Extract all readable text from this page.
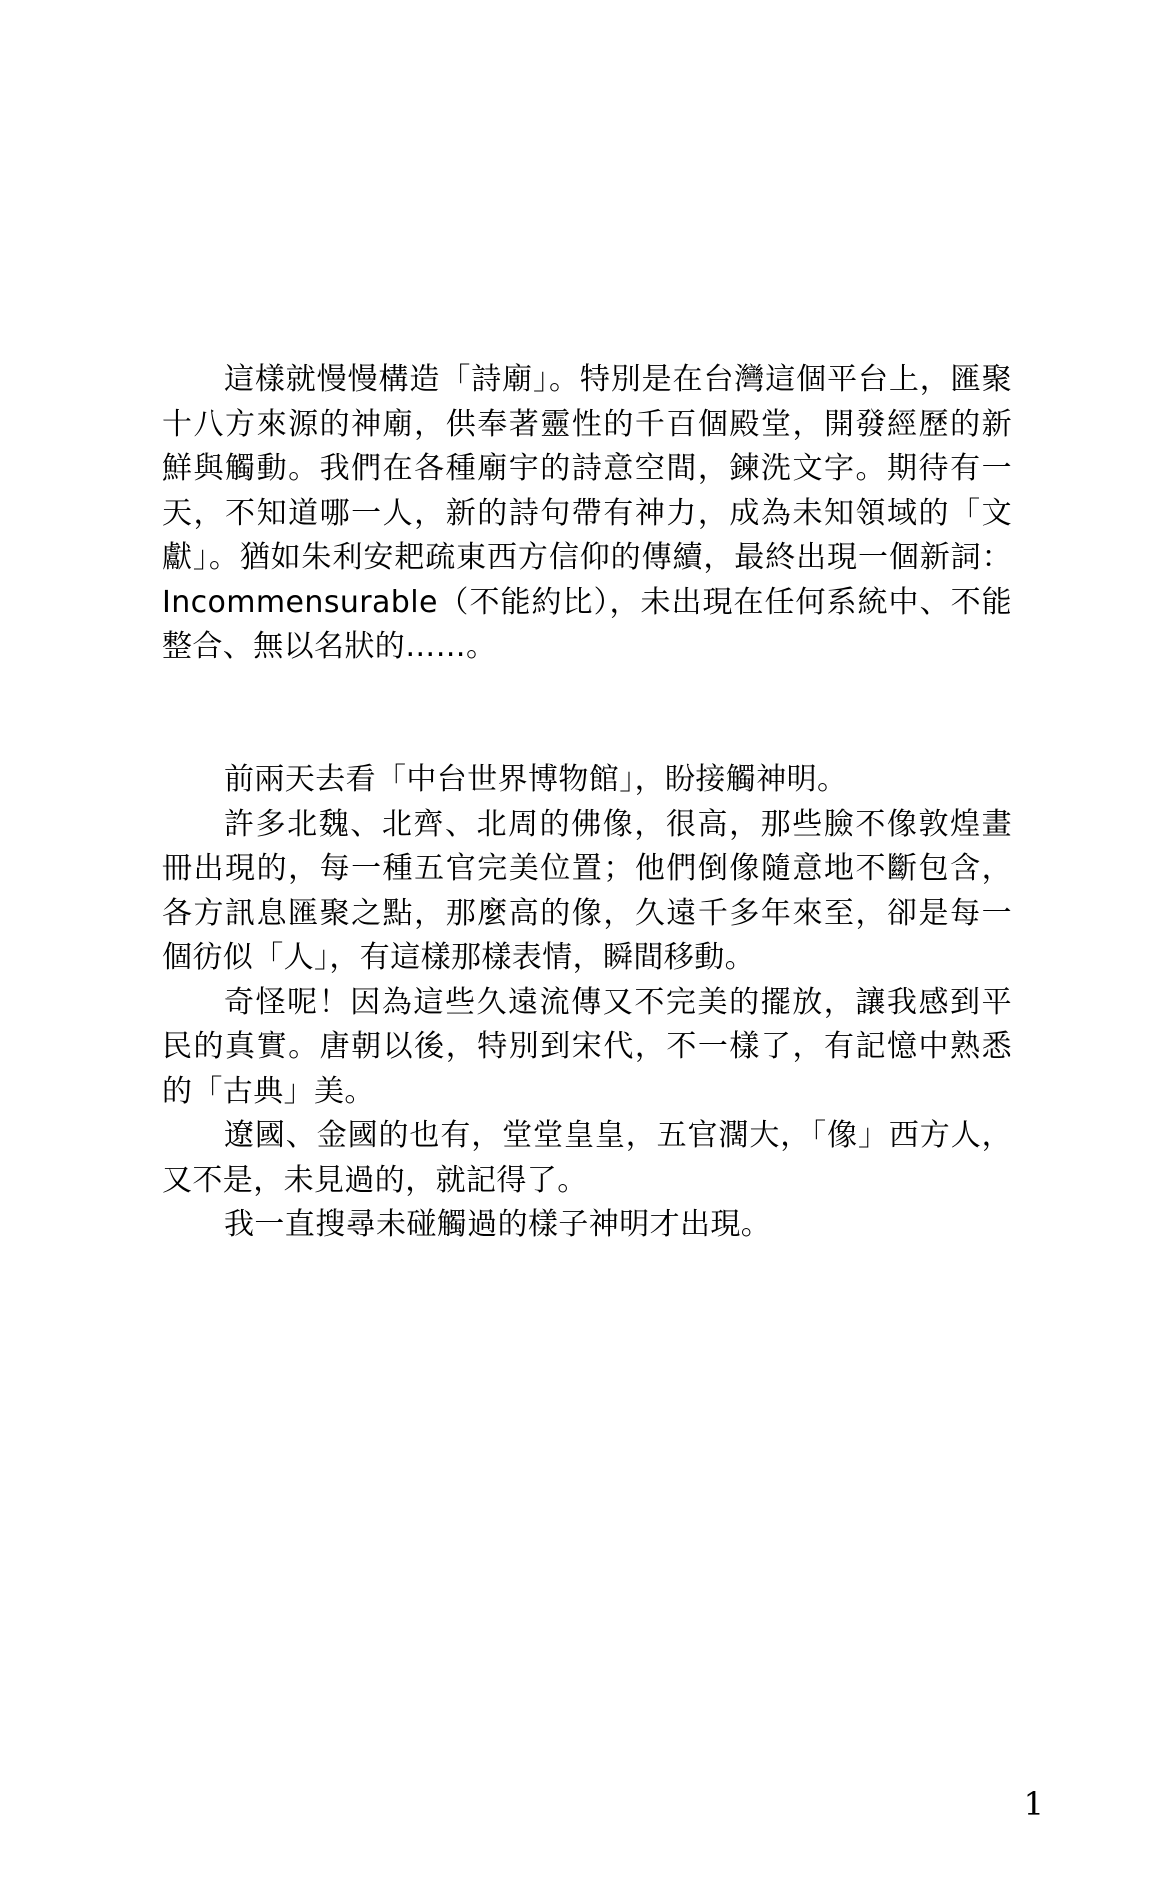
這樣就慢慢構造「詩廟」。特別是在台灣這個平台上，匯聚十八方來源的神廟，供奉著靈性的千百個殿堂，開發經歷的新鮮與觸動。我們在各種廟宇的詩意空間，鍊洗文字。期待有一天，不知道哪一人，新的詩句帶有神力，成為未知領域的「文獻」。猶如朱利安耙疏東西方信仰的傳續，最終出現一個新詞：Incommensurable（不能約比），未出現在任何系統中、不能整合、無以名狀的……。

前兩天去看「中台世界博物館」，盼接觸神明。

許多北魏、北齊、北周的佛像，很高，那些臉不像敦煌畫冊出現的，每一種五官完美位置；他們倒像隨意地不斷包含，各方訊息匯聚之點，那麼高的像，久遠千多年來至，卻是每一個彷似「人」，有這樣那樣表情，瞬間移動。

奇怪呢！因為這些久遠流傳又不完美的擺放，讓我感到平民的真實。唐朝以後，特別到宋代，不一樣了，有記憶中熟悉的「古典」美。

遼國、金國的也有，堂堂皇皇，五官濶大，「像」西方人，又不是，未見過的，就記得了。

我一直搜尋未碰觸過的樣子神明才出現。

1
